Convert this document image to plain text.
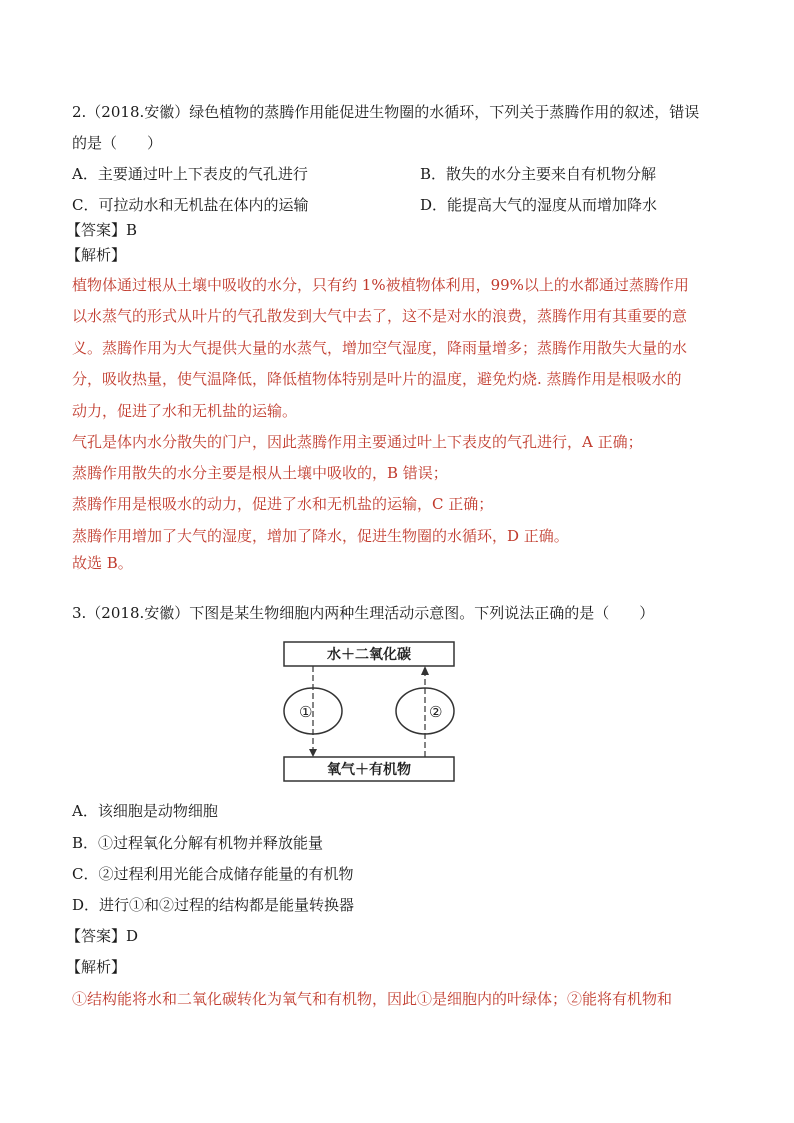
2.（2018.安徽）绿色植物的蒸腾作用能促进生物圈的水循环，下列关于蒸腾作用的叙述，错误
的是（　　）
A．主要通过叶上下表皮的气孔进行	B．散失的水分主要来自有机物分解
C．可拉动水和无机盐在体内的运输	D．能提高大气的湿度从而增加降水
【答案】B
【解析】
植物体通过根从土壤中吸收的水分，只有约 1%被植物体利用，99%以上的水都通过蒸腾作用
以水蒸气的形式从叶片的气孔散发到大气中去了，这不是对水的浪费，蒸腾作用有其重要的意
义。蒸腾作用为大气提供大量的水蒸气，增加空气湿度，降雨量增多；蒸腾作用散失大量的水
分，吸收热量，使气温降低，降低植物体特别是叶片的温度，避免灼烧. 蒸腾作用是根吸水的
动力，促进了水和无机盐的运输。
气孔是体内水分散失的门户，因此蒸腾作用主要通过叶上下表皮的气孔进行，A 正确；
蒸腾作用散失的水分主要是根从土壤中吸收的，B 错误；
蒸腾作用是根吸水的动力，促进了水和无机盐的运输，C 正确；
蒸腾作用增加了大气的湿度，增加了降水，促进生物圈的水循环，D 正确。
故选 B。
3.（2018.安徽）下图是某生物细胞内两种生理活动示意图。下列说法正确的是（　　）
水＋二氧化碳
氧气＋有机物
①	②
A．该细胞是动物细胞
B．①过程氧化分解有机物并释放能量
C．②过程利用光能合成储存能量的有机物
D．进行①和②过程的结构都是能量转换器
【答案】D
【解析】
①结构能将水和二氧化碳转化为氧气和有机物，因此①是细胞内的叶绿体；②能将有机物和
